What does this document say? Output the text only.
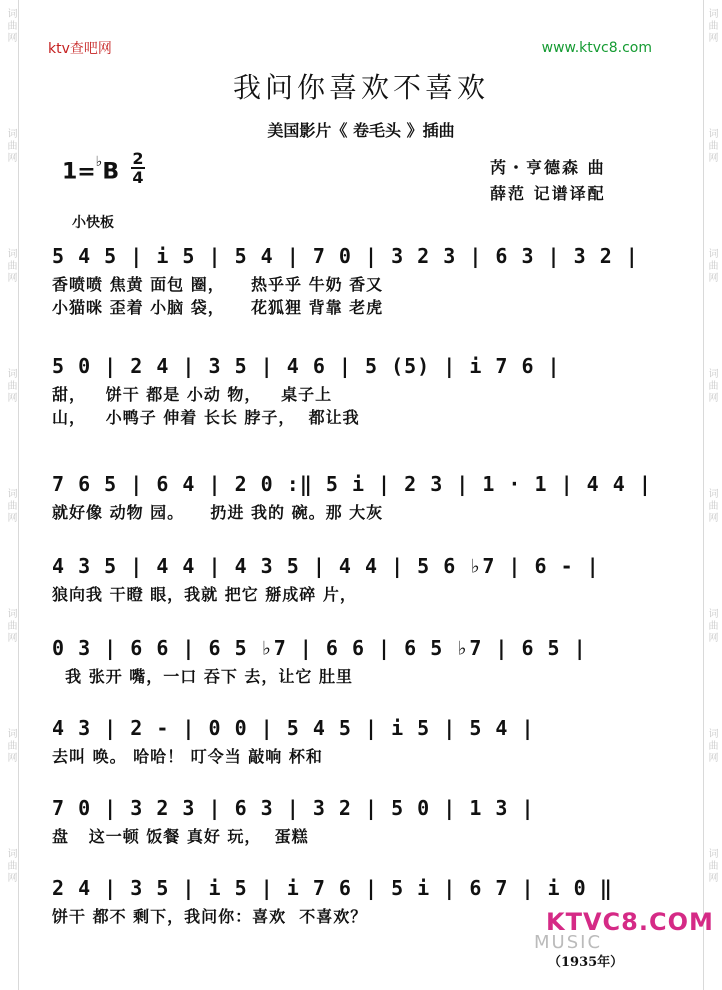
词曲网
词曲网
词曲网
词曲网
词曲网
词曲网
词曲网
词曲网
词曲网
词曲网
词曲网
词曲网
词曲网
词曲网
词曲网
词曲网
ktv查吧网	www.ktvc8.com
我问你喜欢不喜欢
美国影片《 卷毛头 》插曲
1=♭B
2
4
芮・亨德森 曲
薛范 记谱译配
小快板
5 4 5 | i 5 | 5 4 | 7 0 | 3 2 3 | 6 3 | 3 2 |
香喷喷 焦黄 面包 圈，    热乎乎 牛奶 香又
小猫咪 歪着 小脑 袋，    花狐狸 背靠 老虎
5 0 | 2 4 | 3 5 | 4 6 | 5 (5) | i 7 6 |
甜，   饼干 都是 小动 物，   桌子上
山，   小鸭子 伸着 长长 脖子，  都让我
7 6 5 | 6 4 | 2 0 :‖ 5 i | 2 3 | 1 · 1 | 4 4 |
就好像 动物 园。    扔进 我的 碗。那 大灰
4 3 5 | 4 4 | 4 3 5 | 4 4 | 5 6 ♭7 | 6 - |
狼向我 干瞪 眼，我就 把它 掰成碎 片，
0 3 | 6 6 | 6 5 ♭7 | 6 6 | 6 5 ♭7 | 6 5 |
我 张开 嘴，一口 吞下 去，让它 肚里
4 3 | 2 - | 0 0 | 5 4 5 | i 5 | 5 4 |
去叫 唤。 哈哈！ 叮令当 敲响 杯和
7 0 | 3 2 3 | 6 3 | 3 2 | 5 0 | 1 3 |
盘   这一顿 饭餐 真好 玩，  蛋糕
2 4 | 3 5 | i 5 | i 7 6 | 5 i | 6 7 | i 0 ‖
饼干 都不 剩下，我问你：喜欢  不喜欢？
（1935年）
KTVC8.COM
MUSIC
